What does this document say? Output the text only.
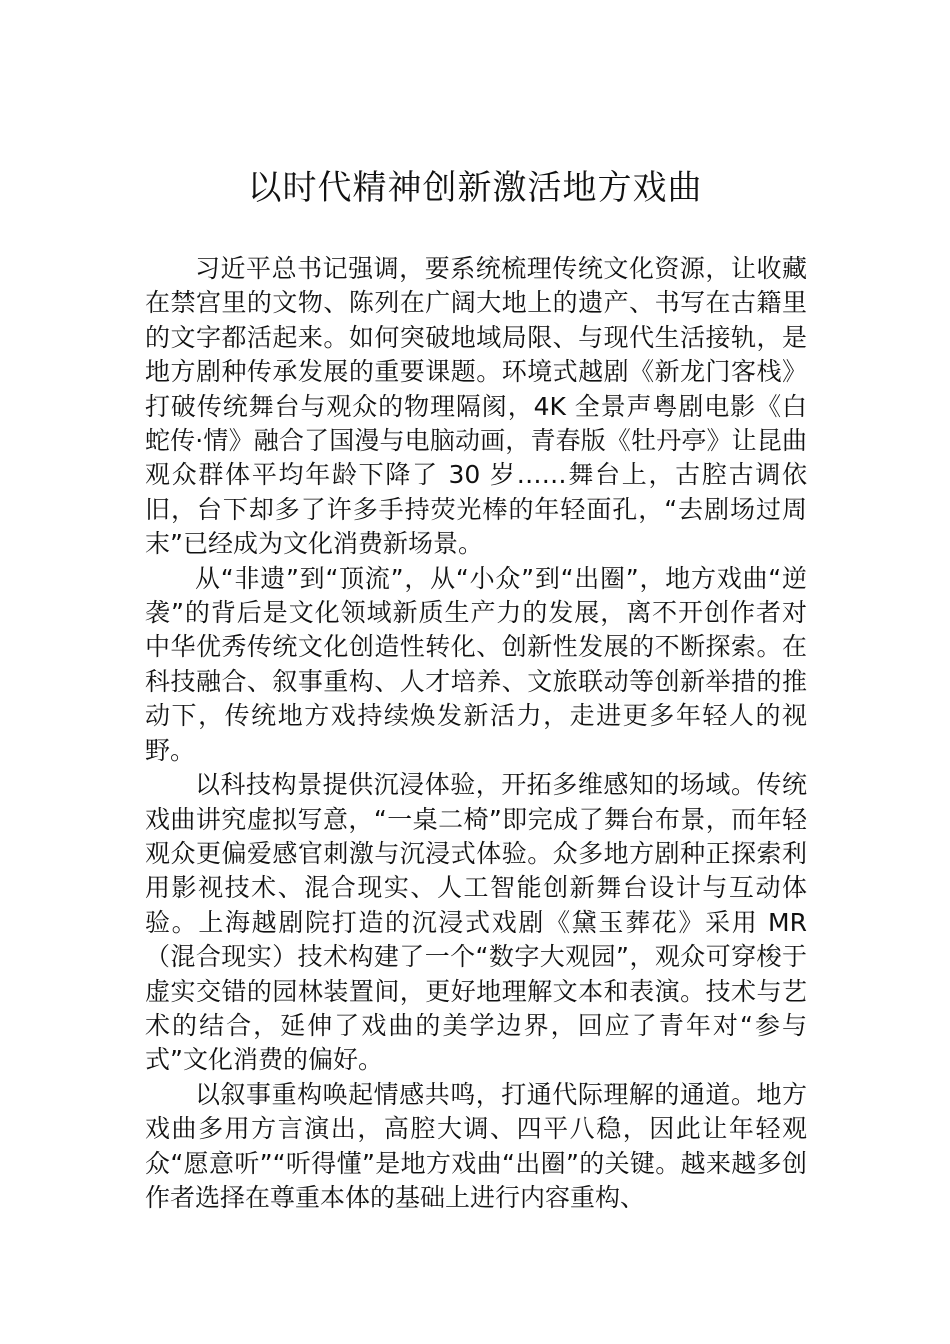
以时代精神创新激活地方戏曲

习近平总书记强调，要系统梳理传统文化资源，让收藏在禁宫里的文物、陈列在广阔大地上的遗产、书写在古籍里的文字都活起来。如何突破地域局限、与现代生活接轨，是地方剧种传承发展的重要课题。环境式越剧《新龙门客栈》打破传统舞台与观众的物理隔阂，4K 全景声粤剧电影《白蛇传·情》融合了国漫与电脑动画，青春版《牡丹亭》让昆曲观众群体平均年龄下降了 30 岁……舞台上，古腔古调依旧，台下却多了许多手持荧光棒的年轻面孔，“去剧场过周末”已经成为文化消费新场景。

从“非遗”到“顶流”，从“小众”到“出圈”，地方戏曲“逆袭”的背后是文化领域新质生产力的发展，离不开创作者对中华优秀传统文化创造性转化、创新性发展的不断探索。在科技融合、叙事重构、人才培养、文旅联动等创新举措的推动下，传统地方戏持续焕发新活力，走进更多年轻人的视野。

以科技构景提供沉浸体验，开拓多维感知的场域。传统戏曲讲究虚拟写意，“一桌二椅”即完成了舞台布景，而年轻观众更偏爱感官刺激与沉浸式体验。众多地方剧种正探索利用影视技术、混合现实、人工智能创新舞台设计与互动体验。上海越剧院打造的沉浸式戏剧《黛玉葬花》采用 MR（混合现实）技术构建了一个“数字大观园”，观众可穿梭于虚实交错的园林装置间，更好地理解文本和表演。技术与艺术的结合，延伸了戏曲的美学边界，回应了青年对“参与式”文化消费的偏好。

以叙事重构唤起情感共鸣，打通代际理解的通道。地方戏曲多用方言演出，高腔大调、四平八稳，因此让年轻观众“愿意听”“听得懂”是地方戏曲“出圈”的关键。越来越多创作者选择在尊重本体的基础上进行内容重构、
